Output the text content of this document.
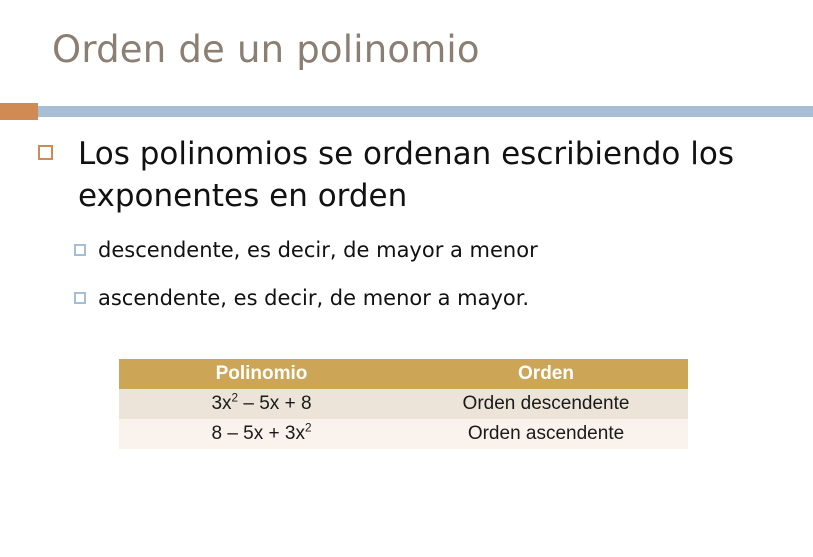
Orden de un polinomio
Los polinomios se ordenan escribiendo los exponentes en orden
descendente, es decir, de mayor a menor
ascendente, es decir, de menor a mayor.
Polinomio	Orden
$3x^2 - 5x + 8$	Orden descendente
$8 - 5x + 3x^2$	Orden ascendente
